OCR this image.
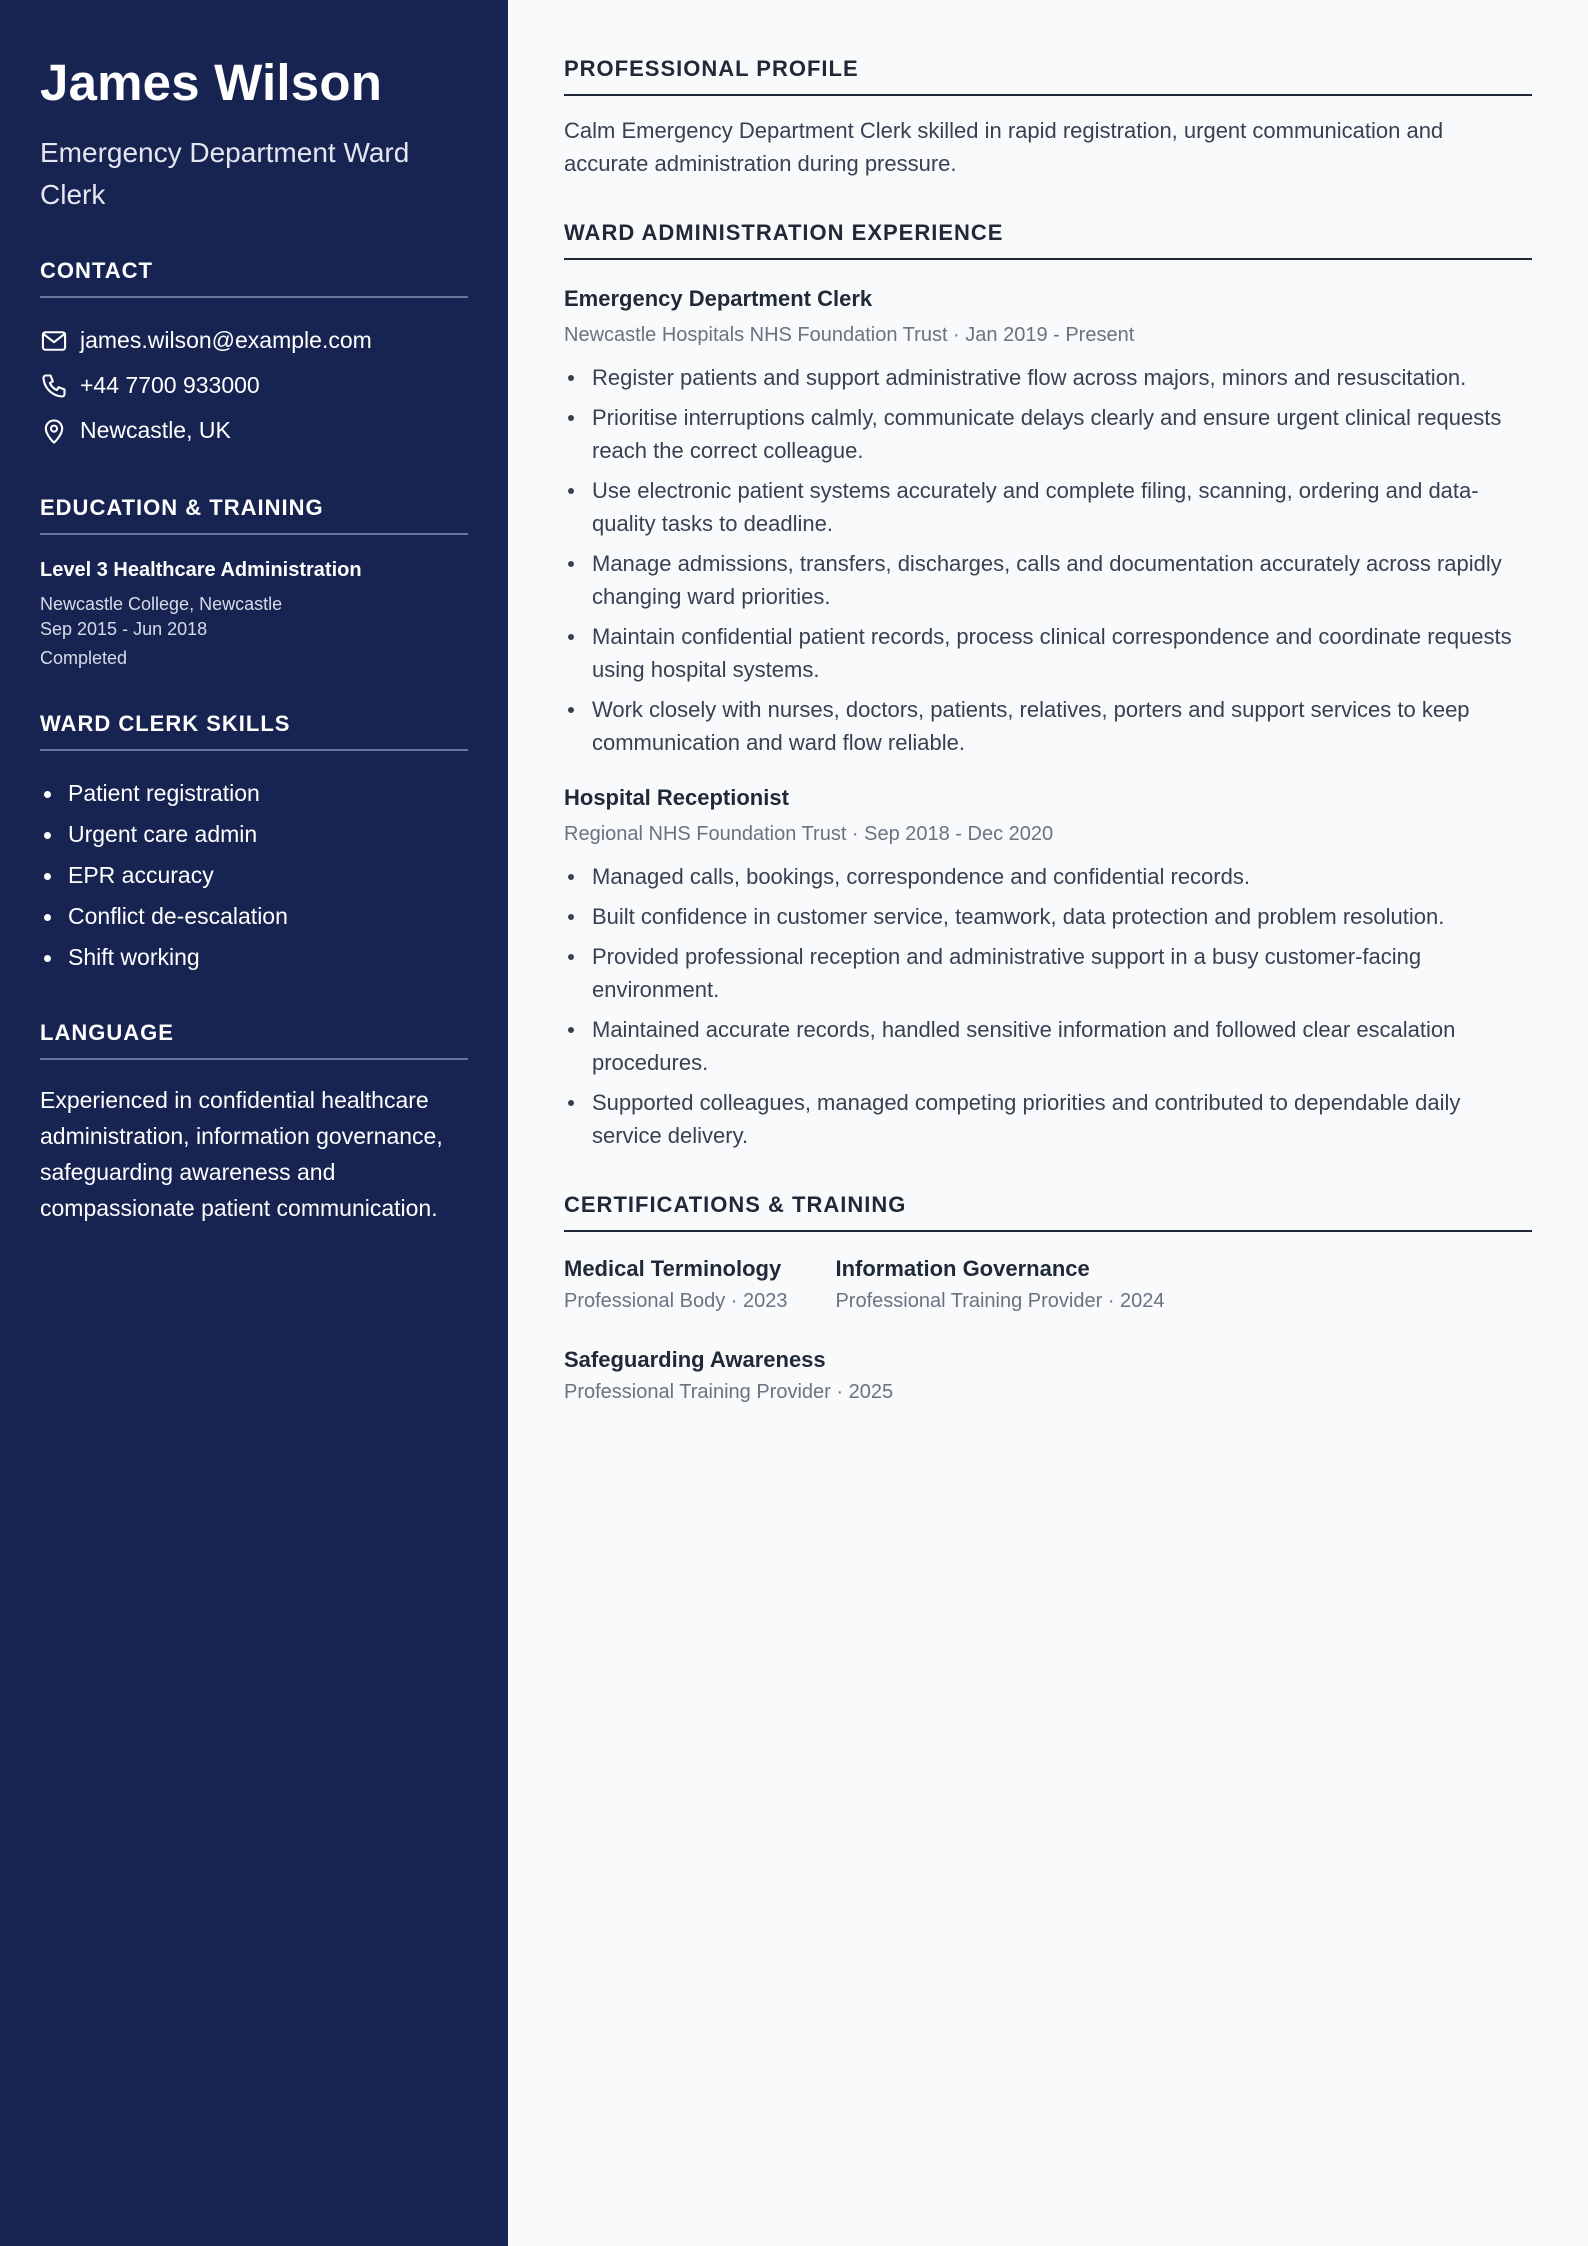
James Wilson
Emergency Department Ward Clerk
CONTACT
james.wilson@example.com
+44 7700 933000
Newcastle, UK
EDUCATION & TRAINING
Level 3 Healthcare Administration
Newcastle College, Newcastle
Sep 2015 - Jun 2018
Completed
WARD CLERK SKILLS
Patient registration
Urgent care admin
EPR accuracy
Conflict de-escalation
Shift working
LANGUAGE

Experienced in confidential healthcare administration, information governance, safeguarding awareness and compassionate patient communication.

PROFESSIONAL PROFILE

Calm Emergency Department Clerk skilled in rapid registration, urgent communication and accurate administration during pressure.

WARD ADMINISTRATION EXPERIENCE
Emergency Department Clerk
Newcastle Hospitals NHS Foundation Trust · Jan 2019 - Present
Register patients and support administrative flow across majors, minors and resuscitation.
Prioritise interruptions calmly, communicate delays clearly and ensure urgent clinical requests reach the correct colleague.
Use electronic patient systems accurately and complete filing, scanning, ordering and data-quality tasks to deadline.
Manage admissions, transfers, discharges, calls and documentation accurately across rapidly changing ward priorities.
Maintain confidential patient records, process clinical correspondence and coordinate requests using hospital systems.
Work closely with nurses, doctors, patients, relatives, porters and support services to keep communication and ward flow reliable.
Hospital Receptionist
Regional NHS Foundation Trust · Sep 2018 - Dec 2020
Managed calls, bookings, correspondence and confidential records.
Built confidence in customer service, teamwork, data protection and problem resolution.
Provided professional reception and administrative support in a busy customer-facing environment.
Maintained accurate records, handled sensitive information and followed clear escalation procedures.
Supported colleagues, managed competing priorities and contributed to dependable daily service delivery.
CERTIFICATIONS & TRAINING
Medical Terminology
Professional Body · 2023
Information Governance
Professional Training Provider · 2024
Safeguarding Awareness
Professional Training Provider · 2025
